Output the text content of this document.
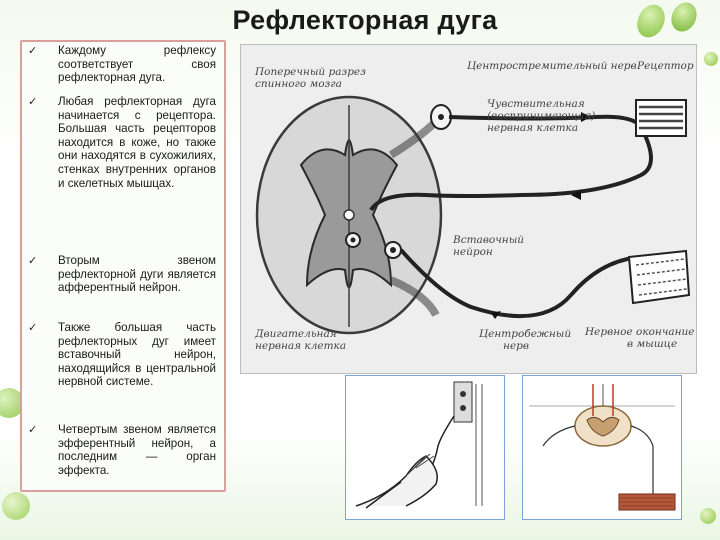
Рефлекторная дуга
✓ Каждому рефлексу соответствует своя рефлекторная дуга.
✓ Любая рефлекторная дуга начинается с рецептора. Большая часть рецепторов находится в коже, но также они находятся в сухожилиях, стенках внутренних органов и скелетных мышцах.
✓ Вторым звеном рефлекторной дуги является афферентный нейрон.
✓ Также большая часть рефлекторных дуг имеет вставочный нейрон, находящийся в центральной нервной системе.
✓ Четвертым звеном является эфферентный нейрон, а последним — орган эффекта.
Поперечный разрез
спинного мозга
Центростремительный нерв Рецептор
Чувствительная
(воспринимающая)
нервная клетка
Вставочный
нейрон
Двигательная
нервная клетка
Центробежный
нерв
Нервное окончание
в мышце
